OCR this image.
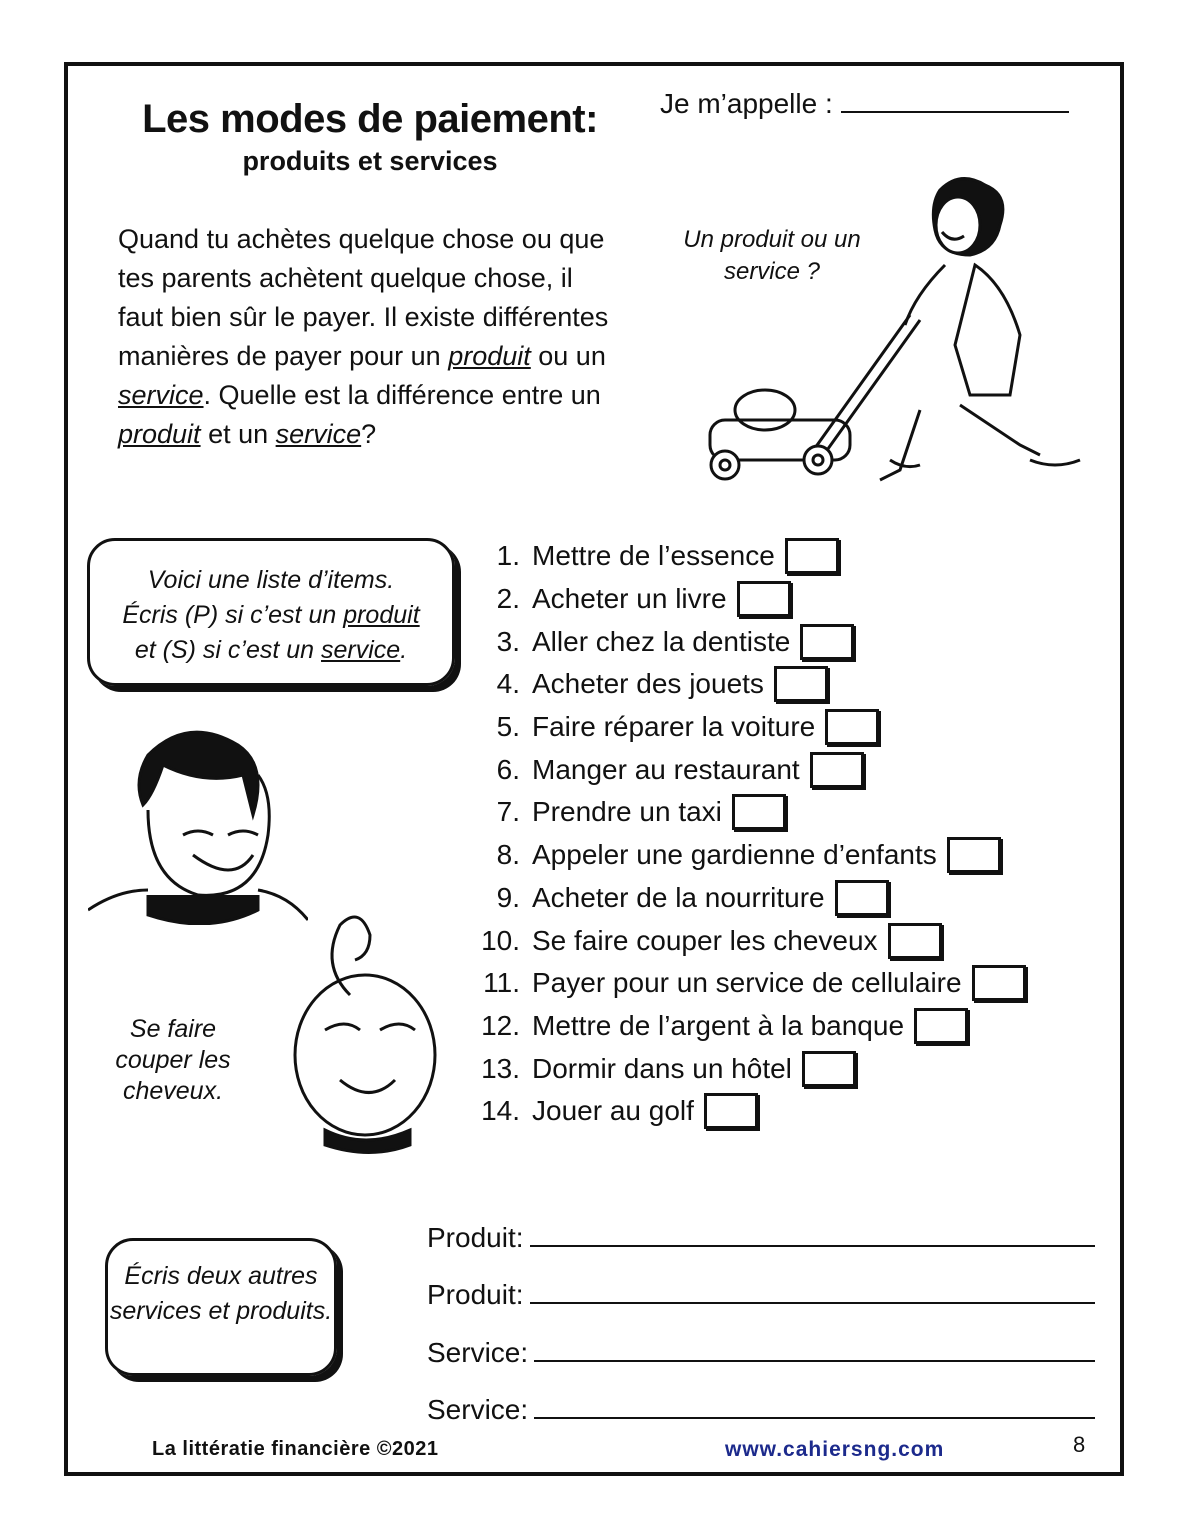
Les modes de paiement:
produits et services
Je m’appelle :
Quand tu achètes quelque chose ou que tes parents achètent quelque chose, il faut bien sûr le payer. Il existe différentes manières de payer pour un produit ou un service. Quelle est la différence entre un produit et un service?
Un produit ou un service ?
Voici une liste d’items.
Écris (P) si c’est un produit
et (S) si c’est un service.
Se faire couper les cheveux.
1. Mettre de l’essence
2. Acheter un livre
3. Aller chez la dentiste
4. Acheter des jouets
5. Faire réparer la voiture
6. Manger au restaurant
7. Prendre un taxi
8. Appeler une gardienne d’enfants
9. Acheter de la nourriture
10. Se faire couper les cheveux
11. Payer pour un service de cellulaire
12. Mettre de l’argent à la banque
13. Dormir dans un hôtel
14. Jouer au golf
Écris deux autres services et produits.
Produit:
Produit:
Service:
Service:
La littératie financière ©2021	www.cahiersng.com	8
